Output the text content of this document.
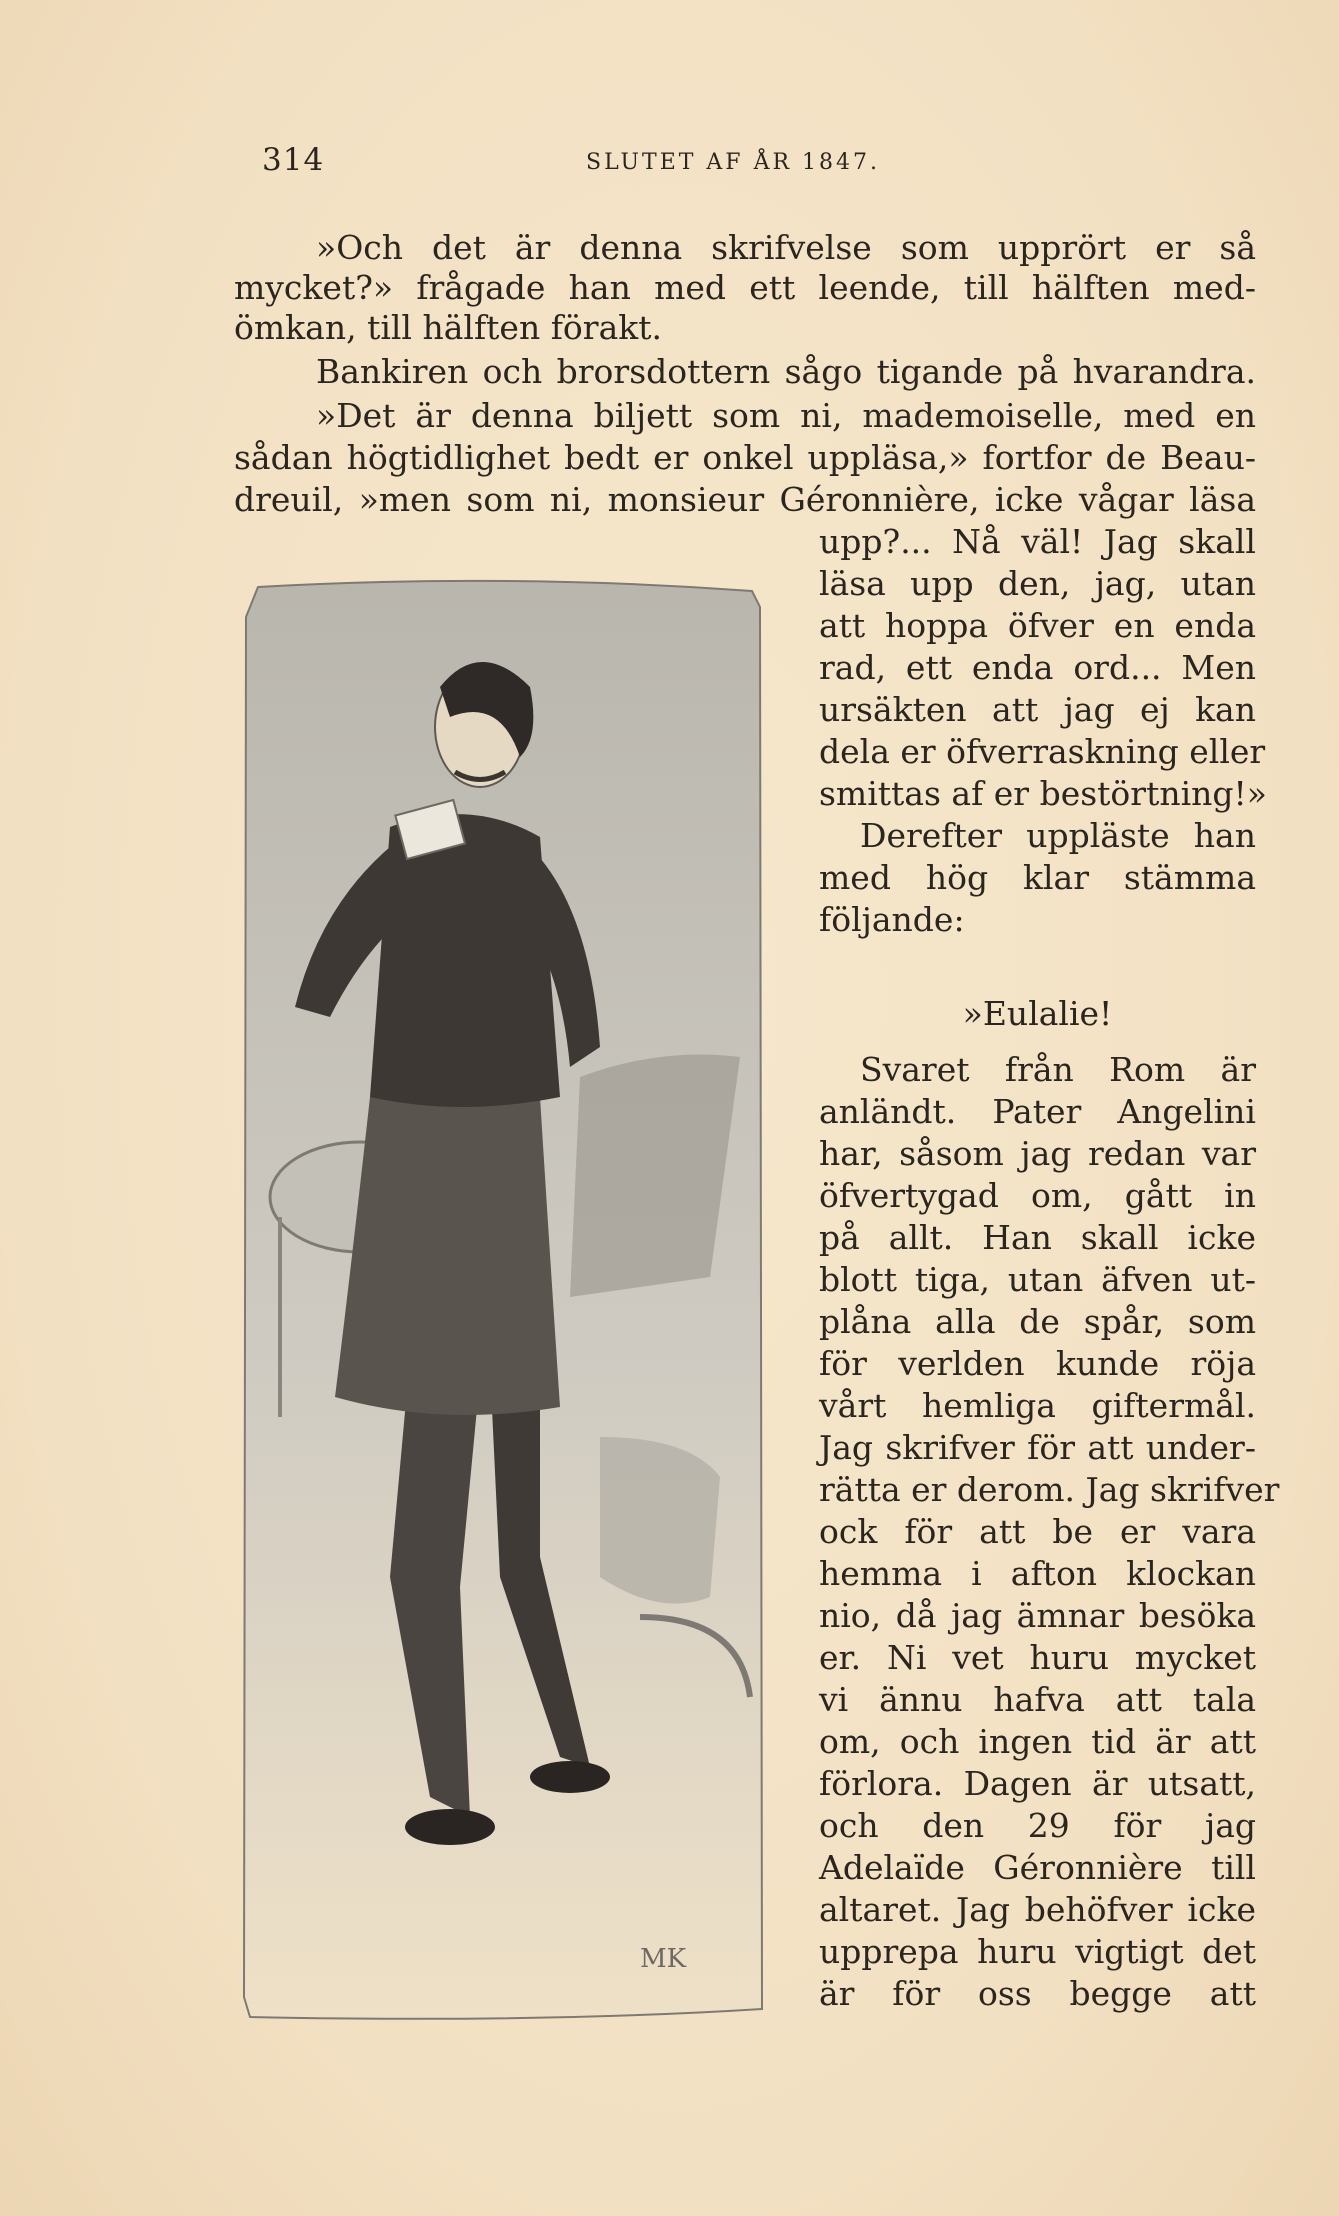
314	SLUTET AF ÅR 1847.
»Och det är denna skrifvelse som upprört er så
mycket?» frågade han med ett leende, till hälften med-
ömkan, till hälften förakt.
Bankiren och brorsdottern sågo tigande på hvarandra.
»Det är denna biljett som ni, mademoiselle, med en
sådan högtidlighet bedt er onkel uppläsa,» fortfor de Beau-
dreuil, »men som ni, monsieur Géronnière, icke vågar läsa
MK
upp?... Nå väl! Jag skall
läsa upp den, jag, utan
att hoppa öfver en enda
rad, ett enda ord... Men
ursäkten att jag ej kan
dela er öfverraskning eller
smittas af er bestörtning!»
Derefter uppläste han
med hög klar stämma
följande:
»Eulalie!
Svaret från Rom är
anländt. Pater Angelini
har, såsom jag redan var
öfvertygad om, gått in
på allt. Han skall icke
blott tiga, utan äfven ut-
plåna alla de spår, som
för verlden kunde röja
vårt hemliga giftermål.
Jag skrifver för att under-
rätta er derom. Jag skrifver
ock för att be er vara
hemma i afton klockan
nio, då jag ämnar besöka
er. Ni vet huru mycket
vi ännu hafva att tala
om, och ingen tid är att
förlora. Dagen är utsatt,
och den 29 för jag
Adelaïde Géronnière till
altaret. Jag behöfver icke
upprepa huru vigtigt det
är för oss begge att
